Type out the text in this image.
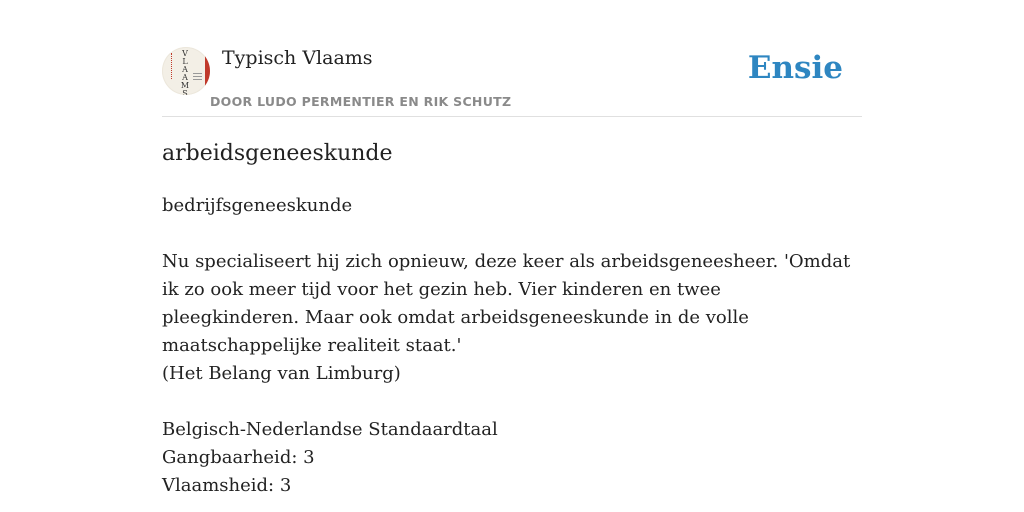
V
L
A
A
M
S
Typisch Vlaams
DOOR LUDO PERMENTIER EN RIK SCHUTZ
Ensie
arbeidsgeneeskunde
bedrijfsgeneeskunde
Nu specialiseert hij zich opnieuw, deze keer als arbeidsgeneesheer. 'Omdat ik zo ook meer tijd voor het gezin heb. Vier kinderen en twee pleegkinderen. Maar ook omdat arbeidsgeneeskunde in de volle maatschappelijke realiteit staat.'
(Het Belang van Limburg)
Belgisch-Nederlandse Standaardtaal
Gangbaarheid: 3
Vlaamsheid: 3
